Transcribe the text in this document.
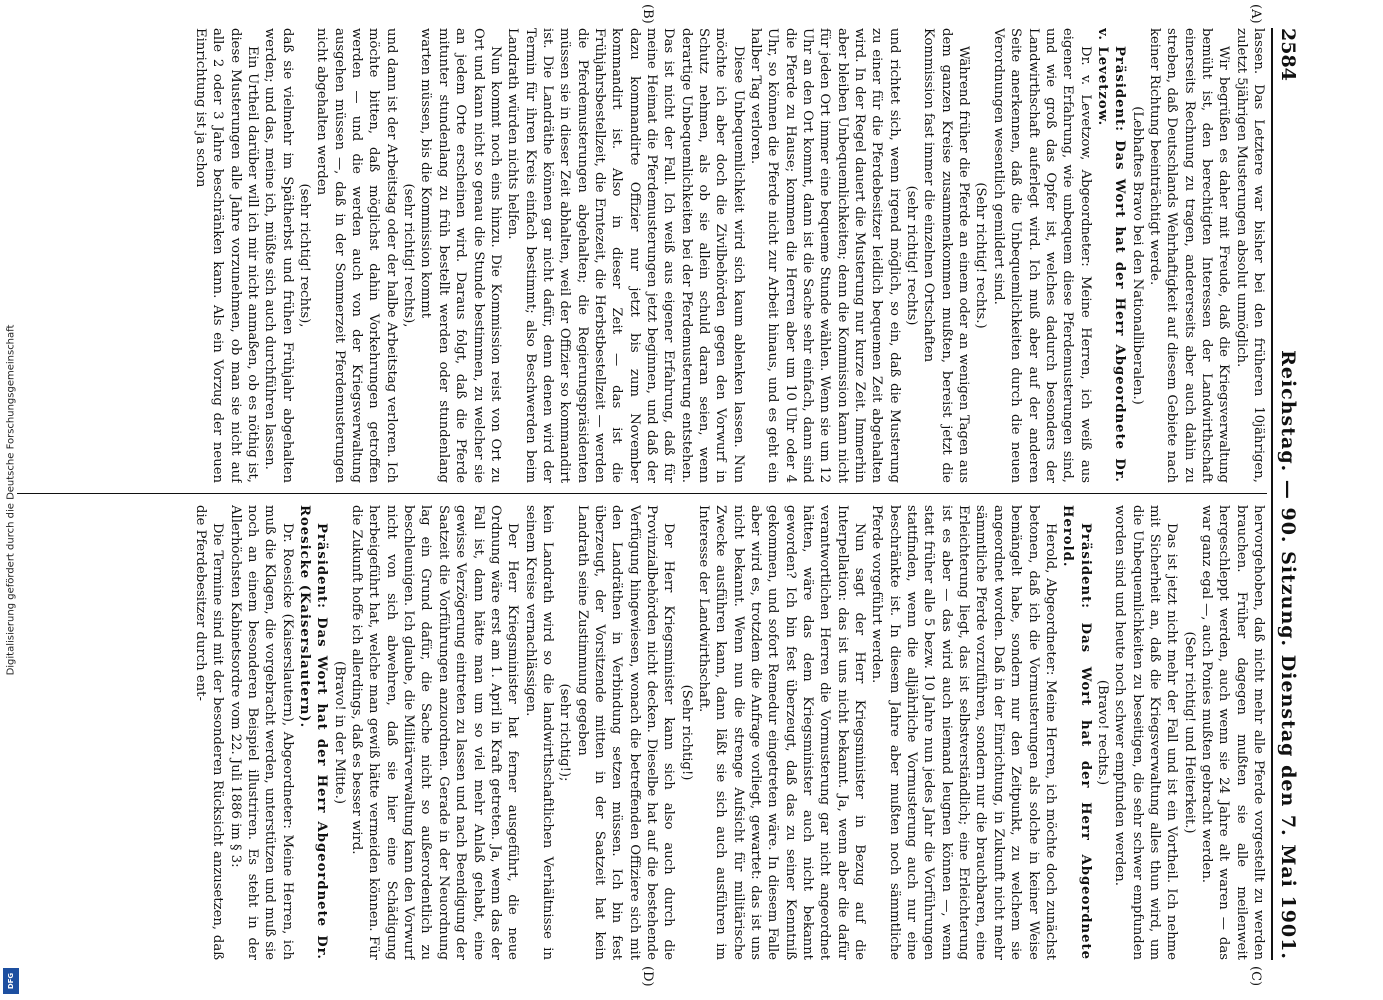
2584
Reichstag. — 90. Sitzung. Dienstag den 7. Mai 1901.
(A)
(B)
(C)
(D)

lassen. Das Letztere war bisher bei den früheren 10jährigen, zuletzt 5jährigen Musterungen absolut unmöglich.

Wir begrüßen es daher mit Freude, daß die Kriegsverwaltung bemüht ist, den berechtigten Interessen der Landwirthschaft einerseits Rechnung zu tragen, andererseits aber auch dahin zu streben, daß Deutschlands Wehrhaftigkeit auf diesem Gebiete nach keiner Richtung beeinträchtigt werde.

(Lebhaftes Bravo bei den Nationalliberalen.)

Präsident: Das Wort hat der Herr Abgeordnete Dr. v. Levetzow.

Dr. v. Levetzow, Abgeordneter: Meine Herren, ich weiß aus eigener Erfahrung, wie unbequem diese Pferdemusterungen sind, und wie groß das Opfer ist, welches dadurch besonders der Landwirthschaft auferlegt wird. Ich muß aber auf der anderen Seite anerkennen, daß die Unbequemlichkeiten durch die neuen Verordnungen wesentlich gemildert sind.

(Sehr richtig! rechts.)

Während früher die Pferde an einem oder an wenigen Tagen aus dem ganzen Kreise zusammenkommen mußten, bereist jetzt die Kommission fast immer die einzelnen Ortschaften

(sehr richtig! rechts)

und richtet sich, wenn irgend möglich, so ein, daß die Musterung zu einer für die Pferdebesitzer leidlich bequemen Zeit abgehalten wird. In der Regel dauert die Musterung nur kurze Zeit. Immerhin aber bleiben Unbequemlichkeiten; denn die Kommission kann nicht für jeden Ort immer eine bequeme Stunde wählen. Wenn sie um 12 Uhr an den Ort kommt, dann ist die Sache sehr einfach, dann sind die Pferde zu Hause; kommen die Herren aber um 10 Uhr oder 4 Uhr, so können die Pferde nicht zur Arbeit hinaus, und es geht ein halber Tag verloren.

Diese Unbequemlichkeit wird sich kaum ablenken lassen. Nun möchte ich aber doch die Zivilbehörden gegen den Vorwurf in Schutz nehmen, als ob sie allein schuld daran seien, wenn derartige Unbequemlichkeiten bei der Pferdemusterung entstehen. Das ist nicht der Fall. Ich weiß aus eigener Erfahrung, daß für meine Heimat die Pferdemusterungen jetzt beginnen, und daß der dazu kommandirte Offizier nur jetzt bis zum November kommandirt ist. Also in dieser Zeit — das ist die Frühjahrsbestellzeit, die Erntezeit, die Herbstbestellzeit — werden die Pferdemusterungen abgehalten; die Regierungspräsidenten müssen sie in dieser Zeit abhalten, weil der Offizier so kommandirt ist. Die Landräthe können gar nicht dafür, denn denen wird der Termin für ihren Kreis einfach bestimmt; also Beschwerden beim Landrath würden nichts helfen.

Nun kommt noch eins hinzu. Die Kommission reist von Ort zu Ort und kann nicht so genau die Stunde bestimmen, zu welcher sie an jedem Orte erscheinen wird. Daraus folgt, daß die Pferde mitunter stundenlang zu früh bestellt werden oder stundenlang warten müssen, bis die Kommission kommt

(sehr richtig! rechts),

und dann ist der Arbeitstag oder der halbe Arbeitstag verloren. Ich möchte bitten, daß möglichst dahin Vorkehrungen getroffen werden — und die werden auch von der Kriegsverwaltung ausgehen müssen —, daß in der Sommerzeit Pferdemusterungen nicht abgehalten werden

(sehr richtig! rechts),

daß sie vielmehr im Spätherbst und frühen Frühjahr abgehalten werden; und das, meine ich, müßte sich auch durchführen lassen.

Ein Urtheil darüber will ich mir nicht anmaßen, ob es nöthig ist, diese Musterungen alle Jahre vorzunehmen, ob man sie nicht auf alle 2 oder 3 Jahre beschränken kann. Als ein Vorzug der neuen Einrichtung ist ja schon

hervorgehoben, daß nicht mehr alle Pferde vorgestellt zu werden brauchen. Früher dagegen mußten sie alle meilenweit hergeschleppt werden, auch wenn sie 24 Jahre alt waren — das war ganz egal —, auch Ponies mußten gebracht werden.

(Sehr richtig! und Heiterkeit.)

Das ist jetzt nicht mehr der Fall und ist ein Vortheil. Ich nehme mit Sicherheit an, daß die Kriegsverwaltung alles thun wird, um die Unbequemlichkeiten zu beseitigen, die sehr schwer empfunden worden sind und heute noch schwer empfunden werden.

(Bravo! rechts.)

Präsident: Das Wort hat der Herr Abgeordnete Herold.

Herold, Abgeordneter: Meine Herren, ich möchte doch zunächst betonen, daß ich die Vormusterungen als solche in keiner Weise bemängelt habe, sondern nur den Zeitpunkt, zu welchem sie angeordnet worden. Daß in der Einrichtung, in Zukunft nicht mehr sämmtliche Pferde vorzuführen, sondern nur die brauchbaren, eine Erleichterung liegt, das ist selbstverständlich; eine Erleichterung ist es aber — das wird auch niemand leugnen können —, wenn statt früher alle 5 bezw. 10 Jahre nun jedes Jahr die Vorführungen stattfinden, wenn die alljährliche Vormusterung auch nur eine beschränkte ist. In diesem Jahre aber mußten noch sämmtliche Pferde vorgeführt werden.

Nun sagt der Herr Kriegsminister in Bezug auf die Interpellation: das ist uns nicht bekannt. Ja, wenn aber die dafür verantwortlichen Herren die Vormusterung gar nicht angeordnet hätten, wäre das dem Kriegsminister auch nicht bekannt geworden? Ich bin fest überzeugt, daß das zu seiner Kenntniß gekommen, und sofort Remedur eingetreten wäre. In diesem Falle aber wird es, trotzdem die Anfrage vorliegt, gewartet: das ist uns nicht bekannt. Wenn nun die strenge Aufsicht für militärische Zwecke ausführen kann, dann läßt sie sich auch ausführen im Interesse der Landwirthschaft.

(Sehr richtig!)

Der Herr Kriegsminister kann sich also auch durch die Provinzialbehörden nicht decken. Dieselbe hat auf die bestehende Verfügung hingewiesen, wonach die betreffenden Offiziere sich mit den Landräthen in Verbindung setzen müssen. Ich bin fest überzeugt, der Vorsitzende mitten in der Saatzeit hat kein Landrath seine Zustimmung gegeben

(sehr richtig!);

kein Landrath wird so die landwirthschaftlichen Verhältnisse in seinem Kreise vernachlässigen.

Der Herr Kriegsminister hat ferner ausgeführt, die neue Ordnung wäre erst am 1. April in Kraft getreten. Ja, wenn das der Fall ist, dann hätte man um so viel mehr Anlaß gehabt, eine gewisse Verzögerung eintreten zu lassen und nach Beendigung der Saatzeit die Vorführungen anzuordnen. Gerade in der Neuordnung lag ein Grund dafür, die Sache nicht so außerordentlich zu beschleunigen. Ich glaube, die Militärverwaltung kann den Vorwurf nicht von sich abwehren, daß sie hier eine Schädigung herbeigeführt hat, welche man gewiß hätte vermeiden können. Für die Zukunft hoffe ich allerdings, daß es besser wird.

(Bravo! in der Mitte.)

Präsident: Das Wort hat der Herr Abgeordnete Dr. Roesicke (Kaiserslautern).

Dr. Roesicke (Kaiserslautern), Abgeordneter: Meine Herren, ich muß die Klagen, die vorgebracht werden, unterstützen und muß sie noch an einem besonderen Beispiel illustriren. Es steht in der Allerhöchsten Kabinetsordre vom 22. Juli 1886 im § 3:

Die Termine sind mit der besonderen Rücksicht anzusetzen, daß die Pferdebesitzer durch ent-

Digitalisierung gefördert durch die Deutsche Forschungsgemeinschaft
DFG
